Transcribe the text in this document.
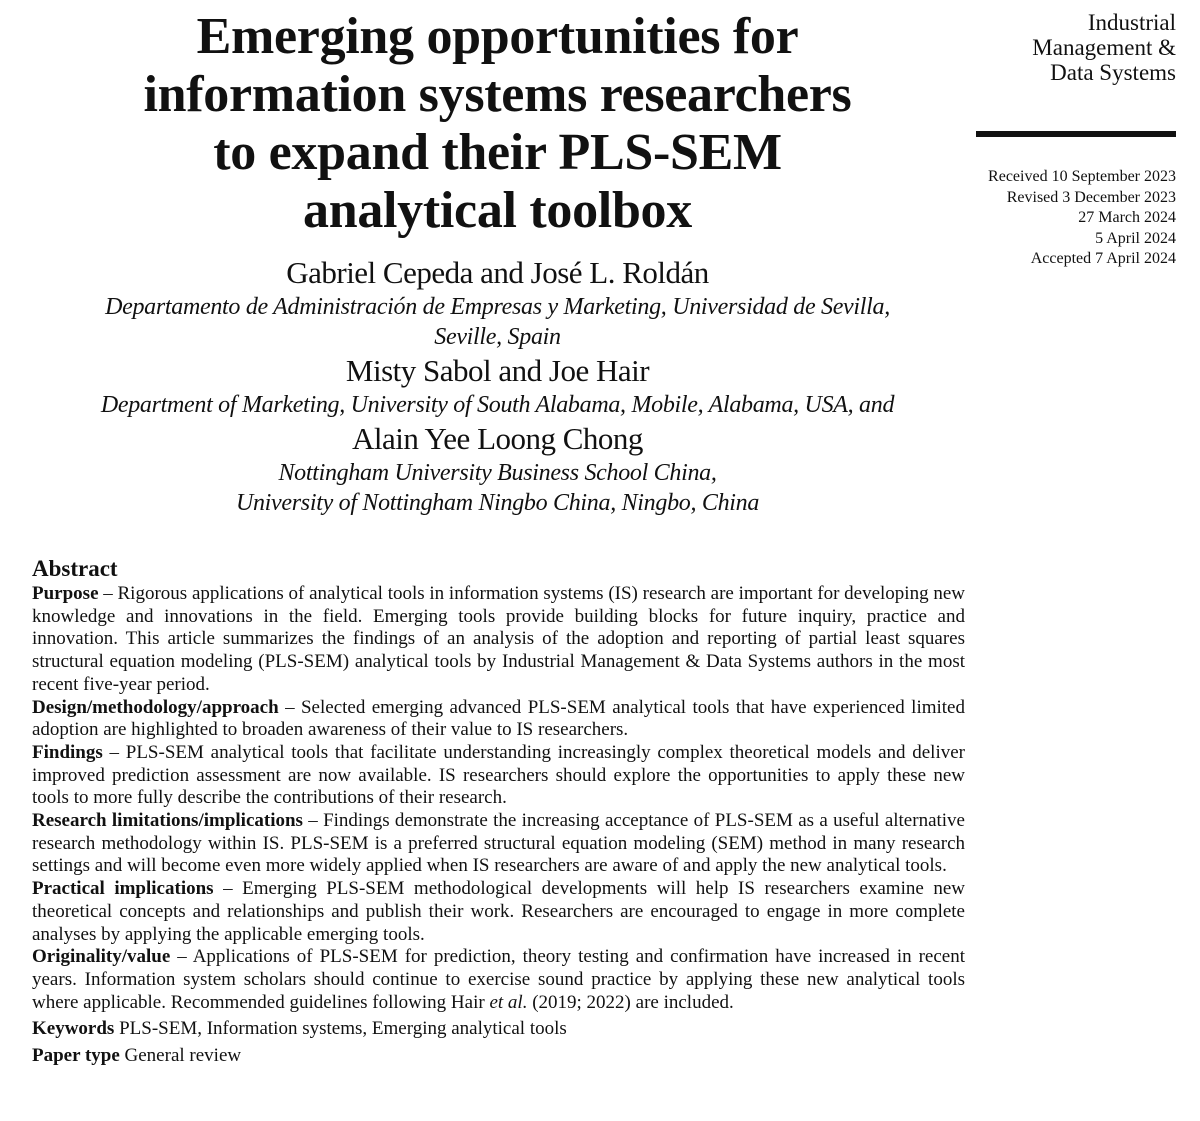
Emerging opportunities for
information systems researchers
to expand their PLS-SEM
analytical toolbox
Gabriel Cepeda and José L. Roldán
Departamento de Administración de Empresas y Marketing, Universidad de Sevilla,
Seville, Spain
Misty Sabol and Joe Hair
Department of Marketing, University of South Alabama, Mobile, Alabama, USA, and
Alain Yee Loong Chong
Nottingham University Business School China,
University of Nottingham Ningbo China, Ningbo, China
Industrial
Management &
Data Systems
Received 10 September 2023
Revised 3 December 2023
27 March 2024
5 April 2024
Accepted 7 April 2024
Abstract
Purpose – Rigorous applications of analytical tools in information systems (IS) research are important for developing new knowledge and innovations in the field. Emerging tools provide building blocks for future inquiry, practice and innovation. This article summarizes the findings of an analysis of the adoption and reporting of partial least squares structural equation modeling (PLS-SEM) analytical tools by Industrial Management & Data Systems authors in the most recent five-year period.
Design/methodology/approach – Selected emerging advanced PLS-SEM analytical tools that have experienced limited adoption are highlighted to broaden awareness of their value to IS researchers.
Findings – PLS-SEM analytical tools that facilitate understanding increasingly complex theoretical models and deliver improved prediction assessment are now available. IS researchers should explore the opportunities to apply these new tools to more fully describe the contributions of their research.
Research limitations/implications – Findings demonstrate the increasing acceptance of PLS-SEM as a useful alternative research methodology within IS. PLS-SEM is a preferred structural equation modeling (SEM) method in many research settings and will become even more widely applied when IS researchers are aware of and apply the new analytical tools.
Practical implications – Emerging PLS-SEM methodological developments will help IS researchers examine new theoretical concepts and relationships and publish their work. Researchers are encouraged to engage in more complete analyses by applying the applicable emerging tools.
Originality/value – Applications of PLS-SEM for prediction, theory testing and confirmation have increased in recent years. Information system scholars should continue to exercise sound practice by applying these new analytical tools where applicable. Recommended guidelines following Hair et al. (2019; 2022) are included.
Keywords PLS-SEM, Information systems, Emerging analytical tools
Paper type General review
